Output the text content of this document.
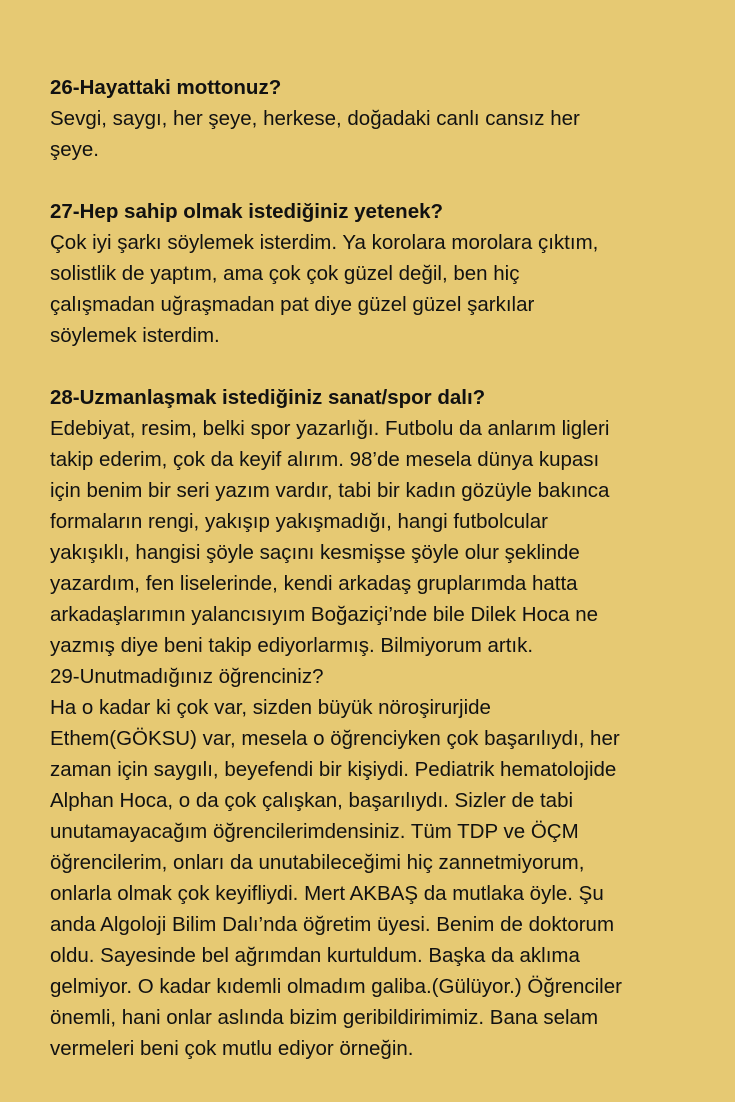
26-Hayattaki mottonuz?
Sevgi, saygı, her şeye, herkese, doğadaki canlı cansız her
şeye.
27-Hep sahip olmak istediğiniz yetenek?
Çok iyi şarkı söylemek isterdim. Ya korolara morolara çıktım,
solistlik de yaptım, ama çok çok güzel değil, ben hiç
çalışmadan uğraşmadan pat diye güzel güzel şarkılar
söylemek isterdim.
28-Uzmanlaşmak istediğiniz sanat/spor dalı?
Edebiyat, resim, belki spor yazarlığı. Futbolu da anlarım ligleri
takip ederim, çok da keyif alırım. 98’de mesela dünya kupası
için benim bir seri yazım vardır, tabi bir kadın gözüyle bakınca
formaların rengi, yakışıp yakışmadığı, hangi futbolcular
yakışıklı, hangisi şöyle saçını kesmişse şöyle olur şeklinde
yazardım, fen liselerinde, kendi arkadaş gruplarımda hatta
arkadaşlarımın yalancısıyım Boğaziçi’nde bile Dilek Hoca ne
yazmış diye beni takip ediyorlarmış. Bilmiyorum artık.
29-Unutmadığınız öğrenciniz?
Ha o kadar ki çok var, sizden büyük nöroşirurjide
Ethem(GÖKSU) var, mesela o öğrenciyken çok başarılıydı, her
zaman için saygılı, beyefendi bir kişiydi. Pediatrik hematolojide
Alphan Hoca, o da çok çalışkan, başarılıydı. Sizler de tabi
unutamayacağım öğrencilerimdensiniz. Tüm TDP ve ÖÇM
öğrencilerim, onları da unutabileceğimi hiç zannetmiyorum,
onlarla olmak çok keyifliydi. Mert AKBAŞ da mutlaka öyle. Şu
anda Algoloji Bilim Dalı’nda öğretim üyesi. Benim de doktorum
oldu. Sayesinde bel ağrımdan kurtuldum. Başka da aklıma
gelmiyor. O kadar kıdemli olmadım galiba.(Gülüyor.) Öğrenciler
önemli, hani onlar aslında bizim geribildirimimiz. Bana selam
vermeleri beni çok mutlu ediyor örneğin.
